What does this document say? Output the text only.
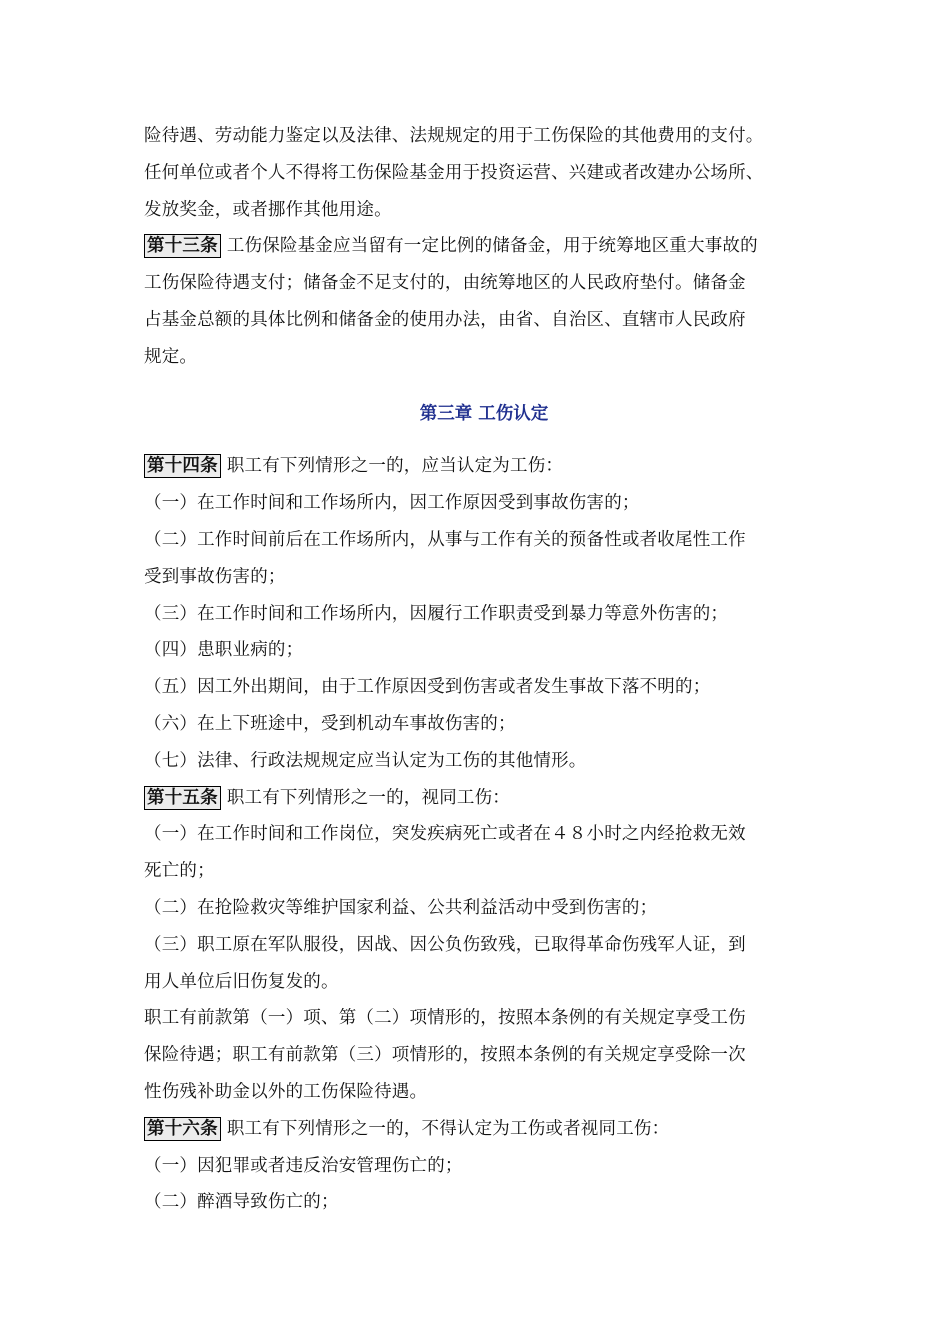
险待遇、劳动能力鉴定以及法律、法规规定的用于工伤保险的其他费用的支付。
任何单位或者个人不得将工伤保险基金用于投资运营、兴建或者改建办公场所、
发放奖金，或者挪作其他用途。
第十三条 工伤保险基金应当留有一定比例的储备金，用于统筹地区重大事故的
工伤保险待遇支付；储备金不足支付的，由统筹地区的人民政府垫付。储备金
占基金总额的具体比例和储备金的使用办法，由省、自治区、直辖市人民政府
规定。
第三章 工伤认定
第十四条 职工有下列情形之一的，应当认定为工伤：
（一）在工作时间和工作场所内，因工作原因受到事故伤害的；
（二）工作时间前后在工作场所内，从事与工作有关的预备性或者收尾性工作
受到事故伤害的；
（三）在工作时间和工作场所内，因履行工作职责受到暴力等意外伤害的；
（四）患职业病的；
（五）因工外出期间，由于工作原因受到伤害或者发生事故下落不明的；
（六）在上下班途中，受到机动车事故伤害的；
（七）法律、行政法规规定应当认定为工伤的其他情形。
第十五条 职工有下列情形之一的，视同工伤：
（一）在工作时间和工作岗位，突发疾病死亡或者在４８小时之内经抢救无效
死亡的；
（二）在抢险救灾等维护国家利益、公共利益活动中受到伤害的；
（三）职工原在军队服役，因战、因公负伤致残，已取得革命伤残军人证，到
用人单位后旧伤复发的。
职工有前款第（一）项、第（二）项情形的，按照本条例的有关规定享受工伤
保险待遇；职工有前款第（三）项情形的，按照本条例的有关规定享受除一次
性伤残补助金以外的工伤保险待遇。
第十六条 职工有下列情形之一的，不得认定为工伤或者视同工伤：
（一）因犯罪或者违反治安管理伤亡的；
（二）醉酒导致伤亡的；
